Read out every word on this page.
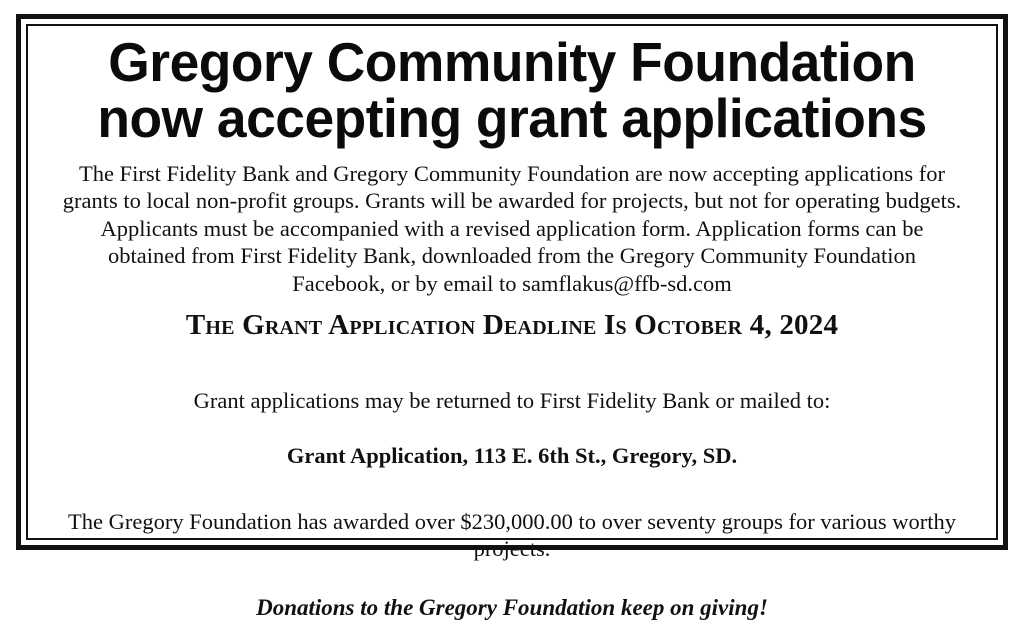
Gregory Community Foundation
now accepting grant applications

The First Fidelity Bank and Gregory Community Foundation are now accepting applications for grants to local non-profit groups. Grants will be awarded for projects, but not for operating budgets. Applicants must be accompanied with a revised application form. Application forms can be obtained from First Fidelity Bank, downloaded from the Gregory Community Foundation Facebook, or by email to samflakus@ffb-sd.com

The Grant Application Deadline Is October 4, 2024

Grant applications may be returned to First Fidelity Bank or mailed to:

Grant Application, 113 E. 6th St., Gregory, SD.

The Gregory Foundation has awarded over $230,000.00 to over seventy groups for various worthy projects.

Donations to the Gregory Foundation keep on giving!
